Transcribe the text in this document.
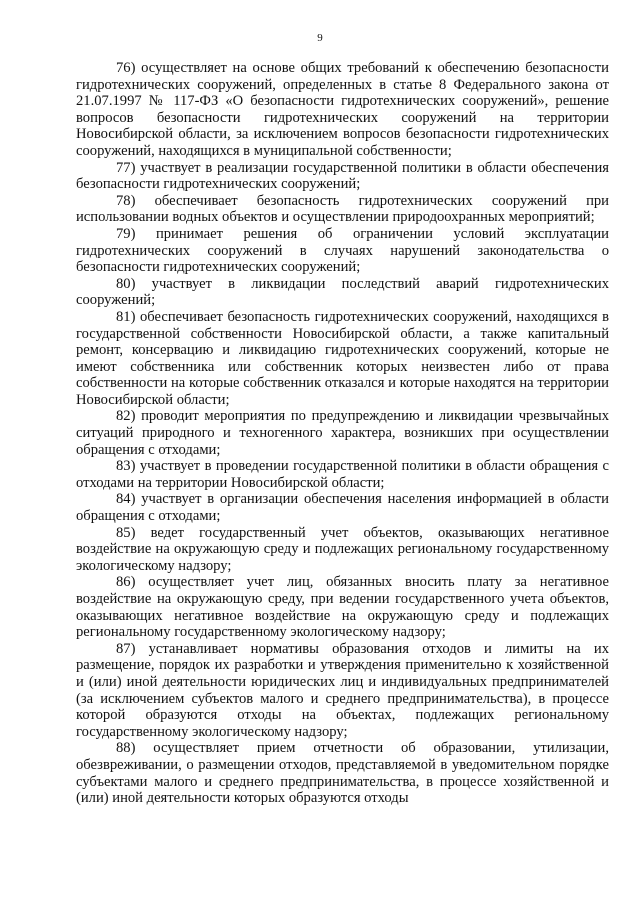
9

76) осуществляет на основе общих требований к обеспечению безопасности гидротехнических сооружений, определенных в статье 8 Федерального закона от 21.07.1997 № 117-ФЗ «О безопасности гидротехнических сооружений», решение вопросов безопасности гидротехнических сооружений на территории Новосибирской области, за исключением вопросов безопасности гидротехнических сооружений, находящихся в муниципальной собственности;

77) участвует в реализации государственной политики в области обеспечения безопасности гидротехнических сооружений;

78) обеспечивает безопасность гидротехнических сооружений при использовании водных объектов и осуществлении природоохранных мероприятий;

79) принимает решения об ограничении условий эксплуатации гидротехнических сооружений в случаях нарушений законодательства о безопасности гидротехнических сооружений;

80) участвует в ликвидации последствий аварий гидротехнических сооружений;

81) обеспечивает безопасность гидротехнических сооружений, находящихся в государственной собственности Новосибирской области, а также капитальный ремонт, консервацию и ликвидацию гидротехнических сооружений, которые не имеют собственника или собственник которых неизвестен либо от права собственности на которые собственник отказался и которые находятся на территории Новосибирской области;

82) проводит мероприятия по предупреждению и ликвидации чрезвычайных ситуаций природного и техногенного характера, возникших при осуществлении обращения с отходами;

83) участвует в проведении государственной политики в области обращения с отходами на территории Новосибирской области;

84) участвует в организации обеспечения населения информацией в области обращения с отходами;

85) ведет государственный учет объектов, оказывающих негативное воздействие на окружающую среду и подлежащих региональному государственному экологическому надзору;

86) осуществляет учет лиц, обязанных вносить плату за негативное воздействие на окружающую среду, при ведении государственного учета объектов, оказывающих негативное воздействие на окружающую среду и подлежащих региональному государственному экологическому надзору;

87) устанавливает нормативы образования отходов и лимиты на их размещение, порядок их разработки и утверждения применительно к хозяйственной и (или) иной деятельности юридических лиц и индивидуальных предпринимателей (за исключением субъектов малого и среднего предпринимательства), в процессе которой образуются отходы на объектах, подлежащих региональному государственному экологическому надзору;

88) осуществляет прием отчетности об образовании, утилизации, обезвреживании, о размещении отходов, представляемой в уведомительном порядке субъектами малого и среднего предпринимательства, в процессе хозяйственной и (или) иной деятельности которых образуются отходы
